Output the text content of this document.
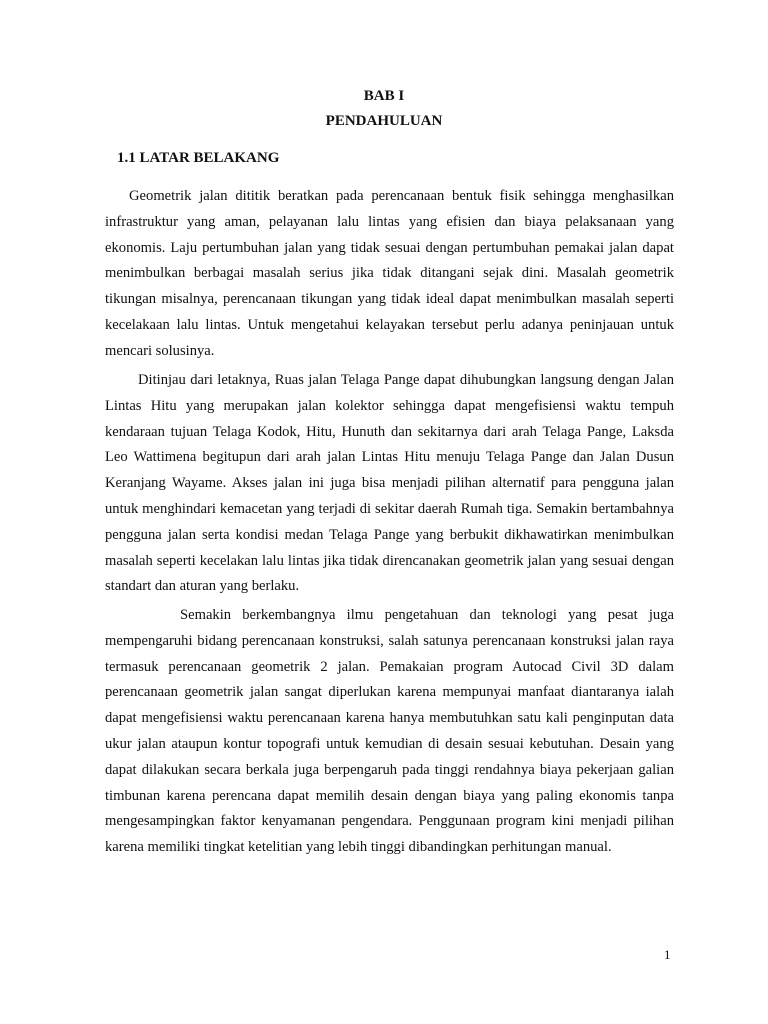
BAB I
PENDAHULUAN
1.1 LATAR BELAKANG

Geometrik jalan dititik beratkan pada perencanaan bentuk fisik sehingga menghasilkan infrastruktur yang aman, pelayanan lalu lintas yang efisien dan biaya pelaksanaan yang ekonomis. Laju pertumbuhan jalan yang tidak sesuai dengan pertumbuhan pemakai jalan dapat menimbulkan berbagai masalah serius jika tidak ditangani sejak dini. Masalah geometrik tikungan misalnya, perencanaan tikungan yang tidak ideal dapat menimbulkan masalah seperti kecelakaan lalu lintas. Untuk mengetahui kelayakan tersebut perlu adanya peninjauan untuk mencari solusinya.

Ditinjau dari letaknya, Ruas jalan Telaga Pange dapat dihubungkan langsung dengan Jalan Lintas Hitu yang merupakan jalan kolektor sehingga dapat mengefisiensi waktu tempuh kendaraan tujuan Telaga Kodok, Hitu, Hunuth dan sekitarnya dari arah Telaga Pange, Laksda Leo Wattimena begitupun dari arah jalan Lintas Hitu menuju Telaga Pange dan Jalan Dusun Keranjang Wayame. Akses jalan ini juga bisa menjadi pilihan alternatif para pengguna jalan untuk menghindari kemacetan yang terjadi di sekitar daerah Rumah tiga. Semakin bertambahnya pengguna jalan serta kondisi medan Telaga Pange yang berbukit dikhawatirkan menimbulkan masalah seperti kecelakan lalu lintas jika tidak direncanakan geometrik jalan yang sesuai dengan standart dan aturan yang berlaku.

Semakin berkembangnya ilmu pengetahuan dan teknologi yang pesat juga mempengaruhi bidang perencanaan konstruksi, salah satunya perencanaan konstruksi jalan raya termasuk perencanaan geometrik 2 jalan. Pemakaian program Autocad Civil 3D dalam perencanaan geometrik jalan sangat diperlukan karena mempunyai manfaat diantaranya ialah dapat mengefisiensi waktu perencanaan karena hanya membutuhkan satu kali penginputan data ukur jalan ataupun kontur topografi untuk kemudian di desain sesuai kebutuhan. Desain yang dapat dilakukan secara berkala juga berpengaruh pada tinggi rendahnya biaya pekerjaan galian timbunan karena perencana dapat memilih desain dengan biaya yang paling ekonomis tanpa mengesampingkan faktor kenyamanan pengendara. Penggunaan program kini menjadi pilihan karena memiliki tingkat ketelitian yang lebih tinggi dibandingkan perhitungan manual.

1
